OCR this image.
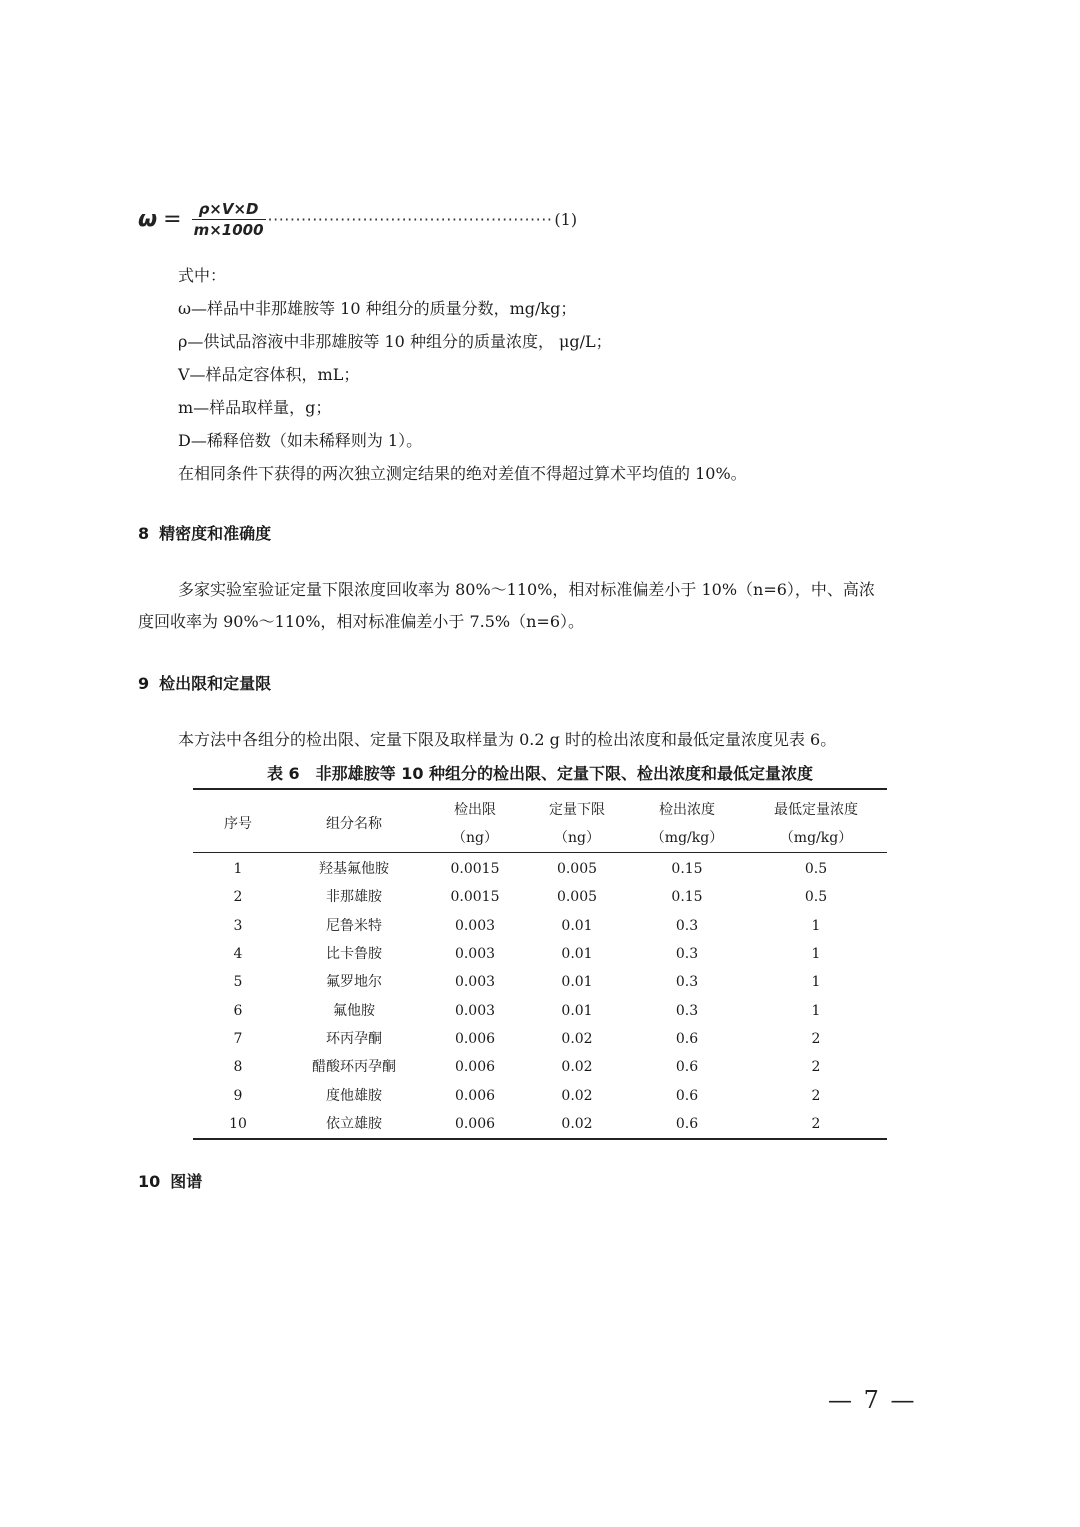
$\omega = \frac{\rho\times V\times D}{m\times 1000}$ ··················································· (1)
式中：
ω—样品中非那雄胺等 10 种组分的质量分数，mg/kg；
ρ—供试品溶液中非那雄胺等 10 种组分的质量浓度， μg/L；
V—样品定容体积，mL；
m—样品取样量，g；
D—稀释倍数（如未稀释则为 1）。
在相同条件下获得的两次独立测定结果的绝对差值不得超过算术平均值的 10%。
8 精密度和准确度
多家实验室验证定量下限浓度回收率为 80%～110%，相对标准偏差小于 10%（n=6），中、高浓
度回收率为 90%～110%，相对标准偏差小于 7.5%（n=6）。
9 检出限和定量限
本方法中各组分的检出限、定量下限及取样量为 0.2 g 时的检出浓度和最低定量浓度见表 6。
表 6　非那雄胺等 10 种组分的检出限、定量下限、检出浓度和最低定量浓度
序号	组分名称	检出限	定量下限	检出浓度	最低定量浓度
		（ng）	（ng）	（mg/kg）	（mg/kg）
1	羟基氟他胺	0.0015	0.005	0.15	0.5
2	非那雄胺	0.0015	0.005	0.15	0.5
3	尼鲁米特	0.003	0.01	0.3	1
4	比卡鲁胺	0.003	0.01	0.3	1
5	氟罗地尔	0.003	0.01	0.3	1
6	氟他胺	0.003	0.01	0.3	1
7	环丙孕酮	0.006	0.02	0.6	2
8	醋酸环丙孕酮	0.006	0.02	0.6	2
9	度他雄胺	0.006	0.02	0.6	2
10	依立雄胺	0.006	0.02	0.6	2
10 图谱
— 7 —
